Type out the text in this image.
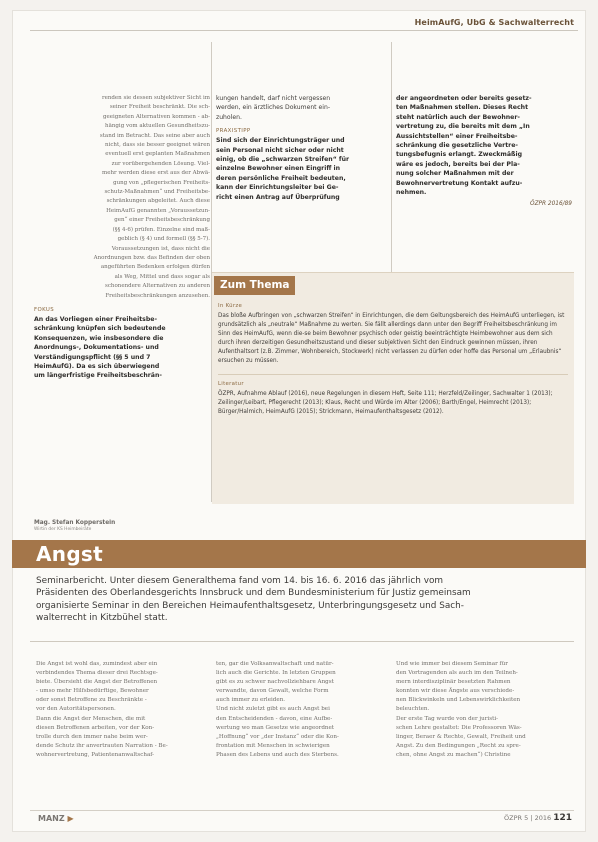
HeimAufG, UbG & Sachwalterrecht
renden sie dessen subjektiver Sicht im
seiner Freiheit beschränkt. Die sch-
geeigneten Alternativen kommen - ab-
hängig vom aktuellen Gesundheitszu-
stand im Betracht. Das seine aber auch
nicht, dass sie besser geeignet wären
eventuell erst geplanten Maßnahmen
zur vorübergehenden Lösung. Viel-
mehr werden diese erst aus der Abwä-
gung von „pflegerischen Freiheits-
schutz-Maßnahmen“ und Freiheitsbe-
schränkungen abgeleitet. Auch diese
HeimAufG genannten „Voraussetzun-
gen“ einer Freiheitsbeschränkung
(§§ 4-6) prüfen. Einzelne sind maß-
geblich (§ 4) und formell (§§ 5-7).
Voraussetzungen ist, dass nicht die
Anordnungen bzw. das Befinden der oben
angeführten Bedenken erfolgen dürfen
als Weg, Mittel und dass sogar als
schonendere Alternativen zu anderen
Freiheitsbeschränkungen anzusehen.
FOKUS
An das Vorliegen einer Freiheitsbe-
schränkung knüpfen sich bedeutende
Konsequenzen, wie insbesondere die
Anordnungs-, Dokumentations- und
Verständigungspflicht (§§ 5 und 7
HeimAufG). Da es sich überwiegend
um längerfristige Freiheitsbeschrän-
kungen handelt, darf nicht vergessen
werden, ein ärztliches Dokument ein-
zuholen.
PRAXISTIPP
Sind sich der Einrichtungsträger und
sein Personal nicht sicher oder nicht
einig, ob die „schwarzen Streifen“ für
einzelne Bewohner einen Eingriff in
deren persönliche Freiheit bedeuten,
kann der Einrichtungsleiter bei Ge-
richt einen Antrag auf Überprüfung
der angeordneten oder bereits gesetz-
ten Maßnahmen stellen. Dieses Recht
steht natürlich auch der Bewohner-
vertretung zu, die bereits mit dem „In
Aussichtstellen“ einer Freiheitsbe-
schränkung die gesetzliche Vertre-
tungsbefugnis erlangt. Zweckmäßig
wäre es jedoch, bereits bei der Pla-
nung solcher Maßnahmen mit der
Bewohnervertretung Kontakt aufzu-
nehmen.
ÖZPR 2016/89
Zum Thema
In Kürze
Das bloße Aufbringen von „schwarzen Streifen“ in Einrichtungen, die dem Geltungsbereich des HeimAufG unterliegen, ist grundsätzlich als „neutrale“ Maßnahme zu werten. Sie fällt allerdings dann unter den Begriff Freiheitsbeschränkung im Sinn des HeimAufG, wenn die-se beim Bewohner psychisch oder geistig beeinträchtigte Heimbewohner aus dem sich durch ihren derzeitigen Gesundheitszustand und dieser subjektiven Sicht den Eindruck gewinnen müssen, ihren Aufenthaltsort (z.B. Zimmer, Wohnbereich, Stockwerk) nicht verlassen zu dürfen oder hoffe das Personal um „Erlaubnis“ ersuchen zu müssen.
Literatur
ÖZPR, Aufnahme Ablauf (2016), neue Regelungen in diesem Heft, Seite 111; Herzfeld/Zeilinger, Sachwalter 1 (2013); Zeilinger/Leibart, Pflegerecht (2013); Klaus, Recht und Würde im Alter (2006); Barth/Engel, Heimrecht (2013); Bürger/Halmich, HeimAufG (2015); Strickmann, Heimaufenthaltsgesetz (2012).
Mag. Stefan Kopperstein
Wirtin der KS Heimbeiräte
Angst
Seminarbericht. Unter diesem Generalthema fand vom 14. bis 16. 6. 2016 das jährlich vom
Präsidenten des Oberlandesgerichts Innsbruck und dem Bundesministerium für Justiz gemeinsam
organisierte Seminar in den Bereichen Heimaufenthaltsgesetz, Unterbringungsgesetz und Sach-
walterrecht in Kitzbühel statt.
Die Angst ist wohl das, zumindest aber ein
verbindendes Thema dieser drei Rechtsge-
biete. Übersieht die Angst der Betroffenen
- umso mehr Hilfsbedürftige, Bewohner
oder sonst Betroffene zu Beschränkte -
vor den Autoritätspersonen.
Dann die Angst der Menschen, die mit
diesen Betroffenen arbeiten, vor der Kon-
trolle durch den immer nahe beim wer-
dende Schutz ihr anvertrauten Narration - Be-
wohnervertretung, Patientenanwaltschaf-
ten, gar die Volksanwaltschaft und natür-
lich auch die Gerichte. In letzten Gruppen
gibt es zu schwer nachvollziehbare Angst
verwandte, davon Gewalt, welche Form
auch immer zu erleiden.
Und nicht zuletzt gibt es auch Angst bei
den Entscheidenden - davon, eine Aufbe-
wertung wo man Gesetze wie angeordnet
„Hoffnung“ vor „der Instanz“ oder die Kon-
frontation mit Menschen in schwierigen
Phasen des Lebens und auch des Sterbens.
Und wie immer bei diesem Seminar für
den Vortragenden als auch im den Teilneh-
mern interdisziplinär besetzten Rahmen
konnten wir diese Ängste aus verschiede-
nen Blickwinkeln und Lebenswirklichkeiten
beleuchten.
Der erste Tag wurde von der juristi-
schen Lehre gestaltet: Die Professoren Wäs-
linger, Beraer & Rechte, Gewalt, Freiheit und
Angst. Zu den Bedingungen „Recht zu spre-
chen, ohne Angst zu machen“) Christine
MANZ ▶	ÖZPR 5 | 2016 121
